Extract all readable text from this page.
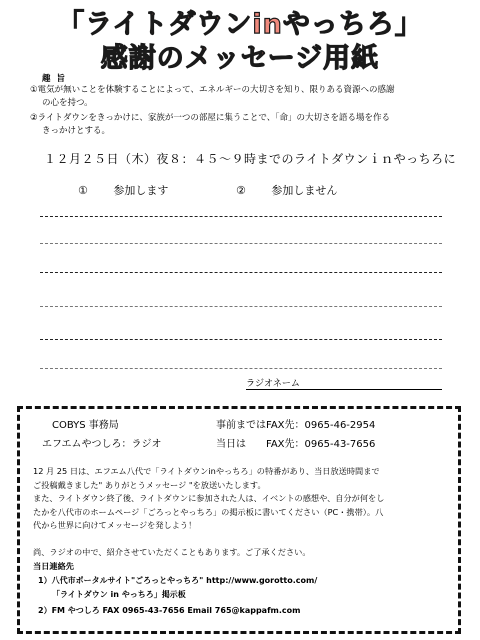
「ライトダウンinやっちろ」
感謝のメッセージ用紙
趣旨
①電気が無いことを体験することによって、エネルギーの大切さを知り、限りある資源への感謝
の心を持つ。
②ライトダウンをきっかけに、家族が一つの部屋に集うことで、「命」の大切さを語る場を作る
きっかけとする。
１２月２５日（木）夜８：４５〜９時までのライトダウンｉｎやっちろに
① 参加します	② 参加しません
ラジオネーム
COBYS 事務局
エフエムやつしろ：ラジオ
事前まではFAX先：0965-46-2954
当日は　　FAX先：0965-43-7656
12 月 25 日は、エフエム八代で「ライトダウンinやっちろ」の特番があり、当日放送時間まで
ご投稿戴きました" ありがとうメッセージ "を放送いたします。
また、ライトダウン終了後、ライトダウンに参加された人は、イベントの感想や、自分が何をし
たかを八代市のホームページ「ごろっとやっちろ」の掲示板に書いてください（PC・携帯）。八
代から世界に向けてメッセージを発しよう！
尚、ラジオの中で、紹介させていただくこともあります。ご了承ください。
当日連絡先
1）八代市ポータルサイト"ごろっとやっちろ" http://www.gorotto.com/
「ライトダウン in やっちろ」掲示板
2）FM やつしろ FAX 0965-43-7656 Email 765@kappafm.com
